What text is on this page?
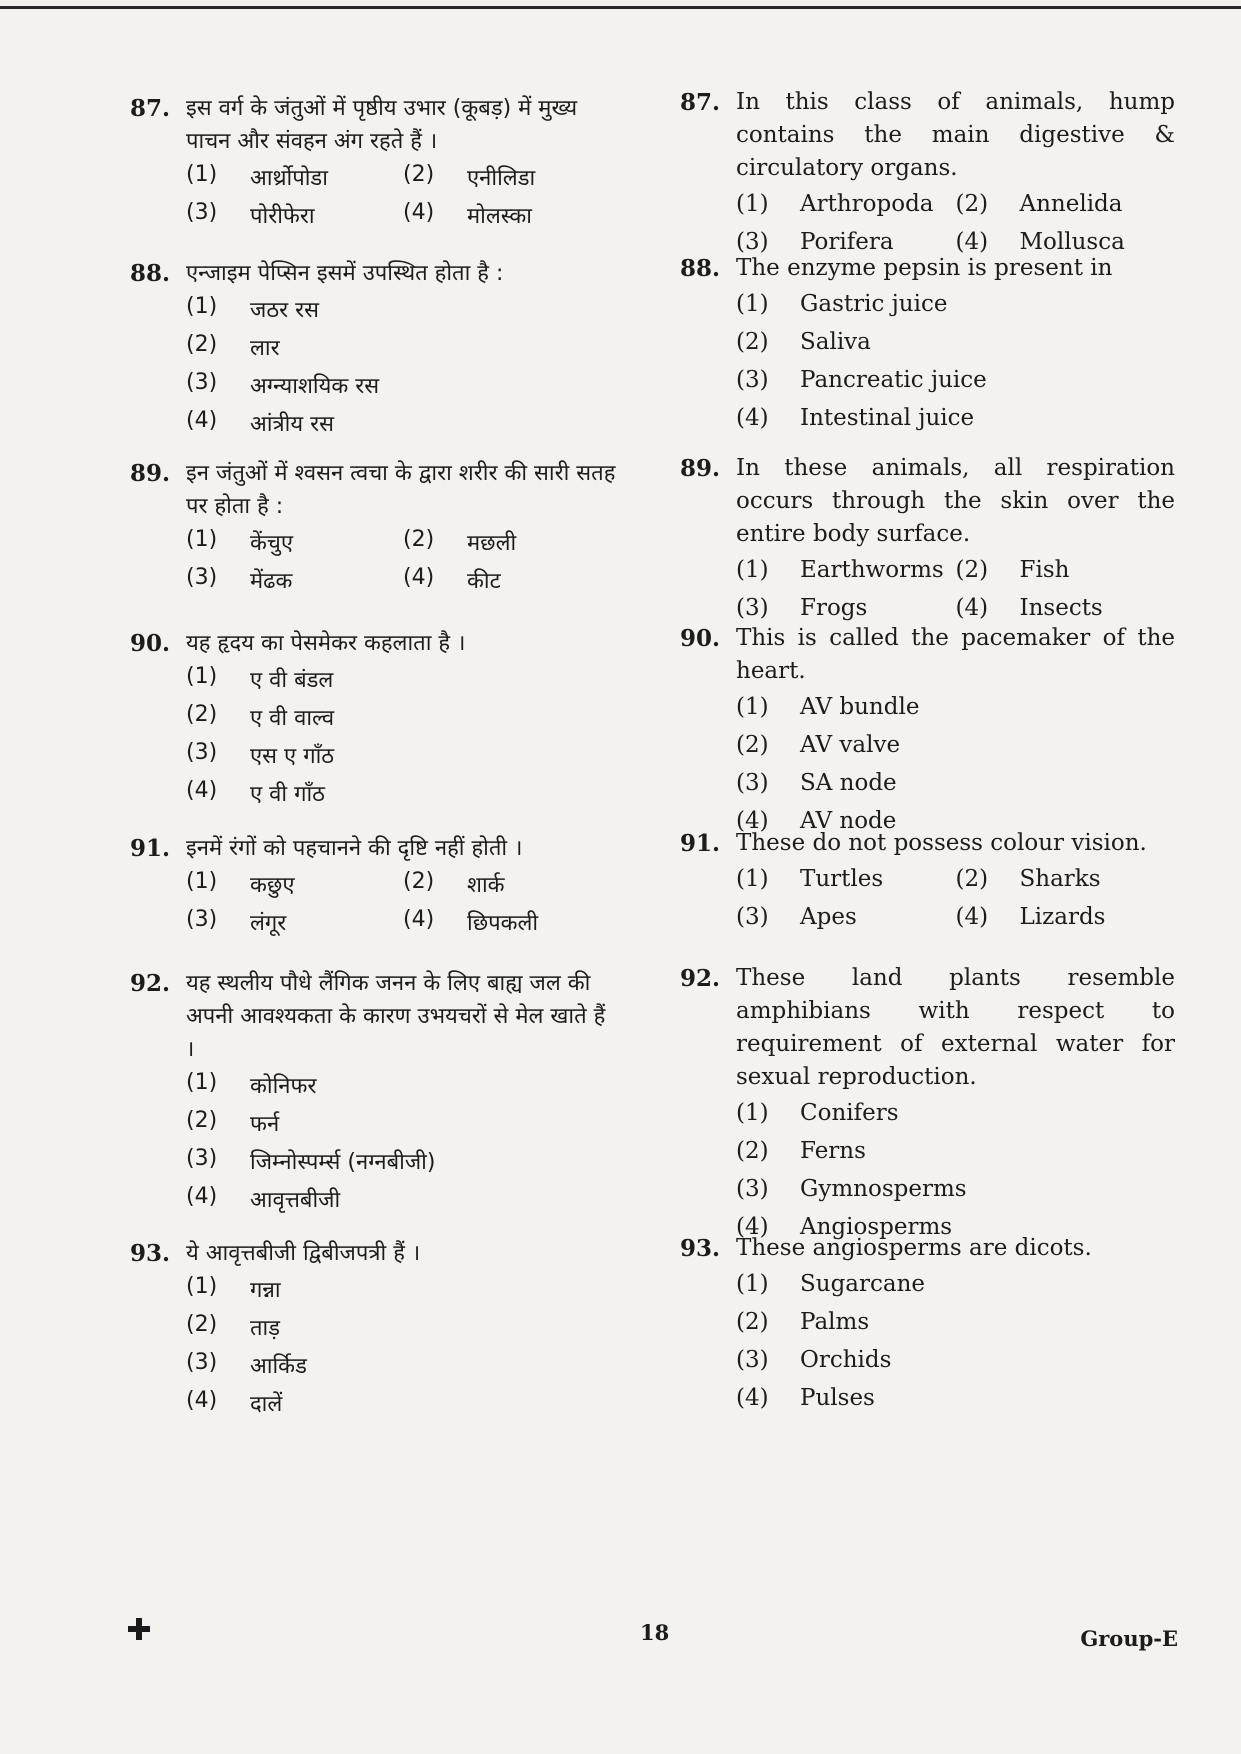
87. इस वर्ग के जंतुओं में पृष्ठीय उभार (कूबड़) में मुख्य पाचन और संवहन अंग रहते हैं ।
(1)	आर्थ्रोपोडा	(2)	एनीलिडा
(3)	पोरीफेरा	(4)	मोलस्का
88. एन्जाइम पेप्सिन इसमें उपस्थित होता है :
(1)	जठर रस
(2)	लार
(3)	अग्न्याशयिक रस
(4)	आंत्रीय रस
89. इन जंतुओं में श्वसन त्वचा के द्वारा शरीर की सारी सतह पर होता है :
(1)	केंचुए	(2)	मछली
(3)	मेंढक	(4)	कीट
90. यह हृदय का पेसमेकर कहलाता है ।
(1)	ए वी बंडल
(2)	ए वी वाल्व
(3)	एस ए गाँठ
(4)	ए वी गाँठ
91. इनमें रंगों को पहचानने की दृष्टि नहीं होती ।
(1)	कछुए	(2)	शार्क
(3)	लंगूर	(4)	छिपकली
92. यह स्थलीय पौधे लैंगिक जनन के लिए बाह्य जल की अपनी आवश्यकता के कारण उभयचरों से मेल खाते हैं ।
(1)	कोनिफर
(2)	फर्न
(3)	जिम्नोस्पर्म्स (नग्नबीजी)
(4)	आवृत्तबीजी
93. ये आवृत्तबीजी द्विबीजपत्री हैं ।
(1)	गन्ना
(2)	ताड़
(3)	आर्किड
(4)	दालें
87. In this class of animals, hump contains the main digestive & circulatory organs.
(1)	Arthropoda (2)	Annelida
(3)	Porifera	(4)	Mollusca
88. The enzyme pepsin is present in
(1)	Gastric juice
(2)	Saliva
(3)	Pancreatic juice
(4)	Intestinal juice
89. In these animals, all respiration occurs through the skin over the entire body surface.
(1)	Earthworms (2)	Fish
(3)	Frogs	(4)	Insects
90. This is called the pacemaker of the heart.
(1)	AV bundle
(2)	AV valve
(3)	SA node
(4)	AV node
91. These do not possess colour vision.
(1)	Turtles	(2)	Sharks
(3)	Apes	(4)	Lizards
92. These land plants resemble amphibians with respect to requirement of external water for sexual reproduction.
(1)	Conifers
(2)	Ferns
(3)	Gymnosperms
(4)	Angiosperms
93. These angiosperms are dicots.
(1)	Sugarcane
(2)	Palms
(3)	Orchids
(4)	Pulses
18	Group-E
